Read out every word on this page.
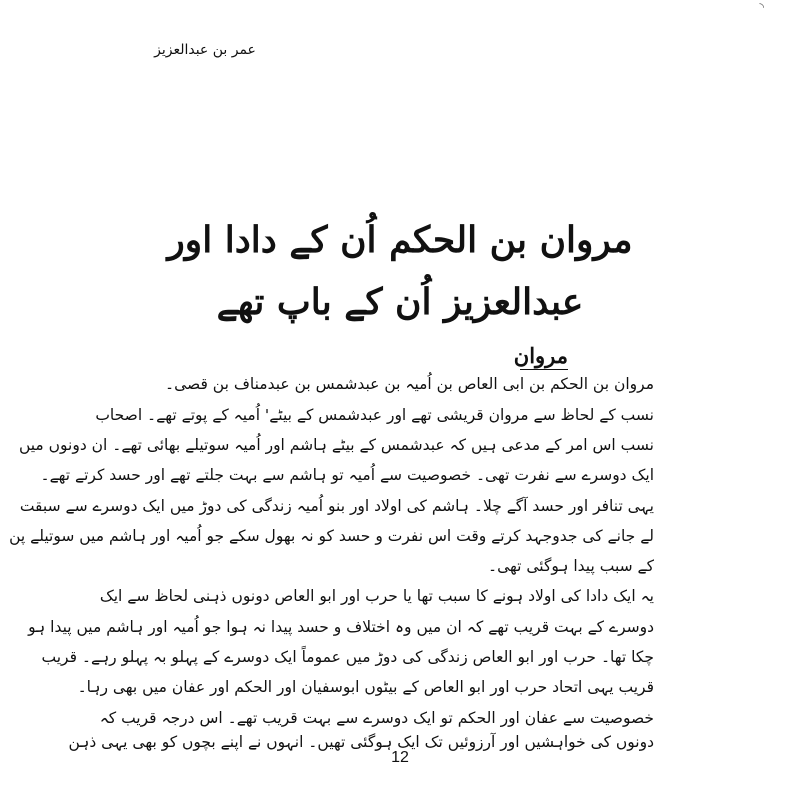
◝
عمر بن عبدالعزیز
مروان بن الحکم اُن کے دادا اور
عبدالعزیز اُن کے باپ تھے
مروان
مروان بن الحکم بن ابی العاص بن اُمیہ بن عبدشمس بن عبدمناف بن قصی۔
نسب کے لحاظ سے مروان قریشی تھے اور عبدشمس کے بیٹے' اُمیہ کے پوتے تھے۔ اصحاب
نسب اس امر کے مدعی ہیں کہ عبدشمس کے بیٹے ہاشم اور اُمیہ سوتیلے بھائی تھے۔ ان دونوں میں
ایک دوسرے سے نفرت تھی۔ خصوصیت سے اُمیہ تو ہاشم سے بہت جلتے تھے اور حسد کرتے تھے۔
یہی تنافر اور حسد آگے چلا۔ ہاشم کی اولاد اور بنو اُمیہ زندگی کی دوڑ میں ایک دوسرے سے سبقت
لے جانے کی جدوجہد کرتے وقت اس نفرت و حسد کو نہ بھول سکے جو اُمیہ اور ہاشم میں سوتیلے پن
کے سبب پیدا ہوگئی تھی۔
یہ ایک دادا کی اولاد ہونے کا سبب تھا یا حرب اور ابو العاص دونوں ذہنی لحاظ سے ایک
دوسرے کے بہت قریب تھے کہ ان میں وہ اختلاف و حسد پیدا نہ ہوا جو اُمیہ اور ہاشم میں پیدا ہو
چکا تھا۔ حرب اور ابو العاص زندگی کی دوڑ میں عموماً ایک دوسرے کے پہلو بہ پہلو رہے۔ قریب
قریب یہی اتحاد حرب اور ابو العاص کے بیٹوں ابوسفیان اور الحکم اور عفان میں بھی رہا۔
خصوصیت سے عفان اور الحکم تو ایک دوسرے سے بہت قریب تھے۔ اس درجہ قریب کہ
دونوں کی خواہشیں اور آرزوئیں تک ایک ہوگئی تھیں۔ انہوں نے اپنے بچوں کو بھی یہی ذہن
12
